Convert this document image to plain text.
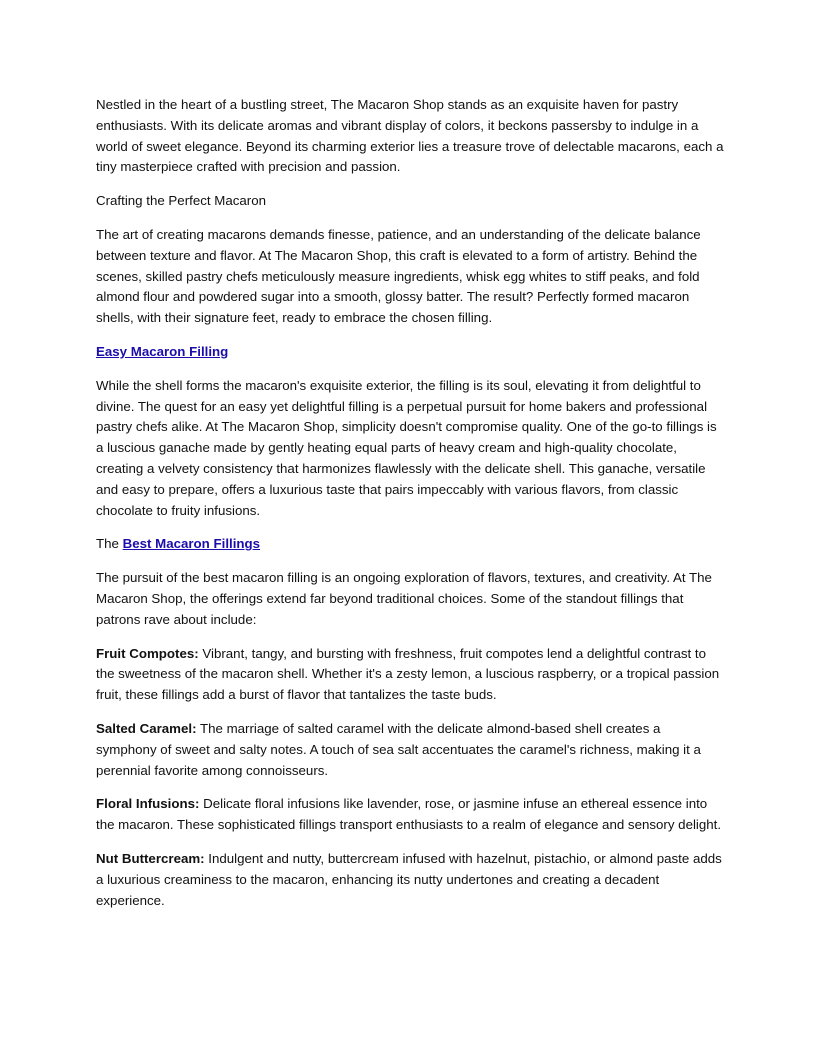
Nestled in the heart of a bustling street, The Macaron Shop stands as an exquisite haven for pastry enthusiasts. With its delicate aromas and vibrant display of colors, it beckons passersby to indulge in a world of sweet elegance. Beyond its charming exterior lies a treasure trove of delectable macarons, each a tiny masterpiece crafted with precision and passion.

Crafting the Perfect Macaron

The art of creating macarons demands finesse, patience, and an understanding of the delicate balance between texture and flavor. At The Macaron Shop, this craft is elevated to a form of artistry. Behind the scenes, skilled pastry chefs meticulously measure ingredients, whisk egg whites to stiff peaks, and fold almond flour and powdered sugar into a smooth, glossy batter. The result? Perfectly formed macaron shells, with their signature feet, ready to embrace the chosen filling.

Easy Macaron Filling

While the shell forms the macaron's exquisite exterior, the filling is its soul, elevating it from delightful to divine. The quest for an easy yet delightful filling is a perpetual pursuit for home bakers and professional pastry chefs alike. At The Macaron Shop, simplicity doesn't compromise quality. One of the go-to fillings is a luscious ganache made by gently heating equal parts of heavy cream and high-quality chocolate, creating a velvety consistency that harmonizes flawlessly with the delicate shell. This ganache, versatile and easy to prepare, offers a luxurious taste that pairs impeccably with various flavors, from classic chocolate to fruity infusions.

The Best Macaron Fillings

The pursuit of the best macaron filling is an ongoing exploration of flavors, textures, and creativity. At The Macaron Shop, the offerings extend far beyond traditional choices. Some of the standout fillings that patrons rave about include:

Fruit Compotes: Vibrant, tangy, and bursting with freshness, fruit compotes lend a delightful contrast to the sweetness of the macaron shell. Whether it's a zesty lemon, a luscious raspberry, or a tropical passion fruit, these fillings add a burst of flavor that tantalizes the taste buds.

Salted Caramel: The marriage of salted caramel with the delicate almond-based shell creates a symphony of sweet and salty notes. A touch of sea salt accentuates the caramel's richness, making it a perennial favorite among connoisseurs.

Floral Infusions: Delicate floral infusions like lavender, rose, or jasmine infuse an ethereal essence into the macaron. These sophisticated fillings transport enthusiasts to a realm of elegance and sensory delight.

Nut Buttercream: Indulgent and nutty, buttercream infused with hazelnut, pistachio, or almond paste adds a luxurious creaminess to the macaron, enhancing its nutty undertones and creating a decadent experience.
